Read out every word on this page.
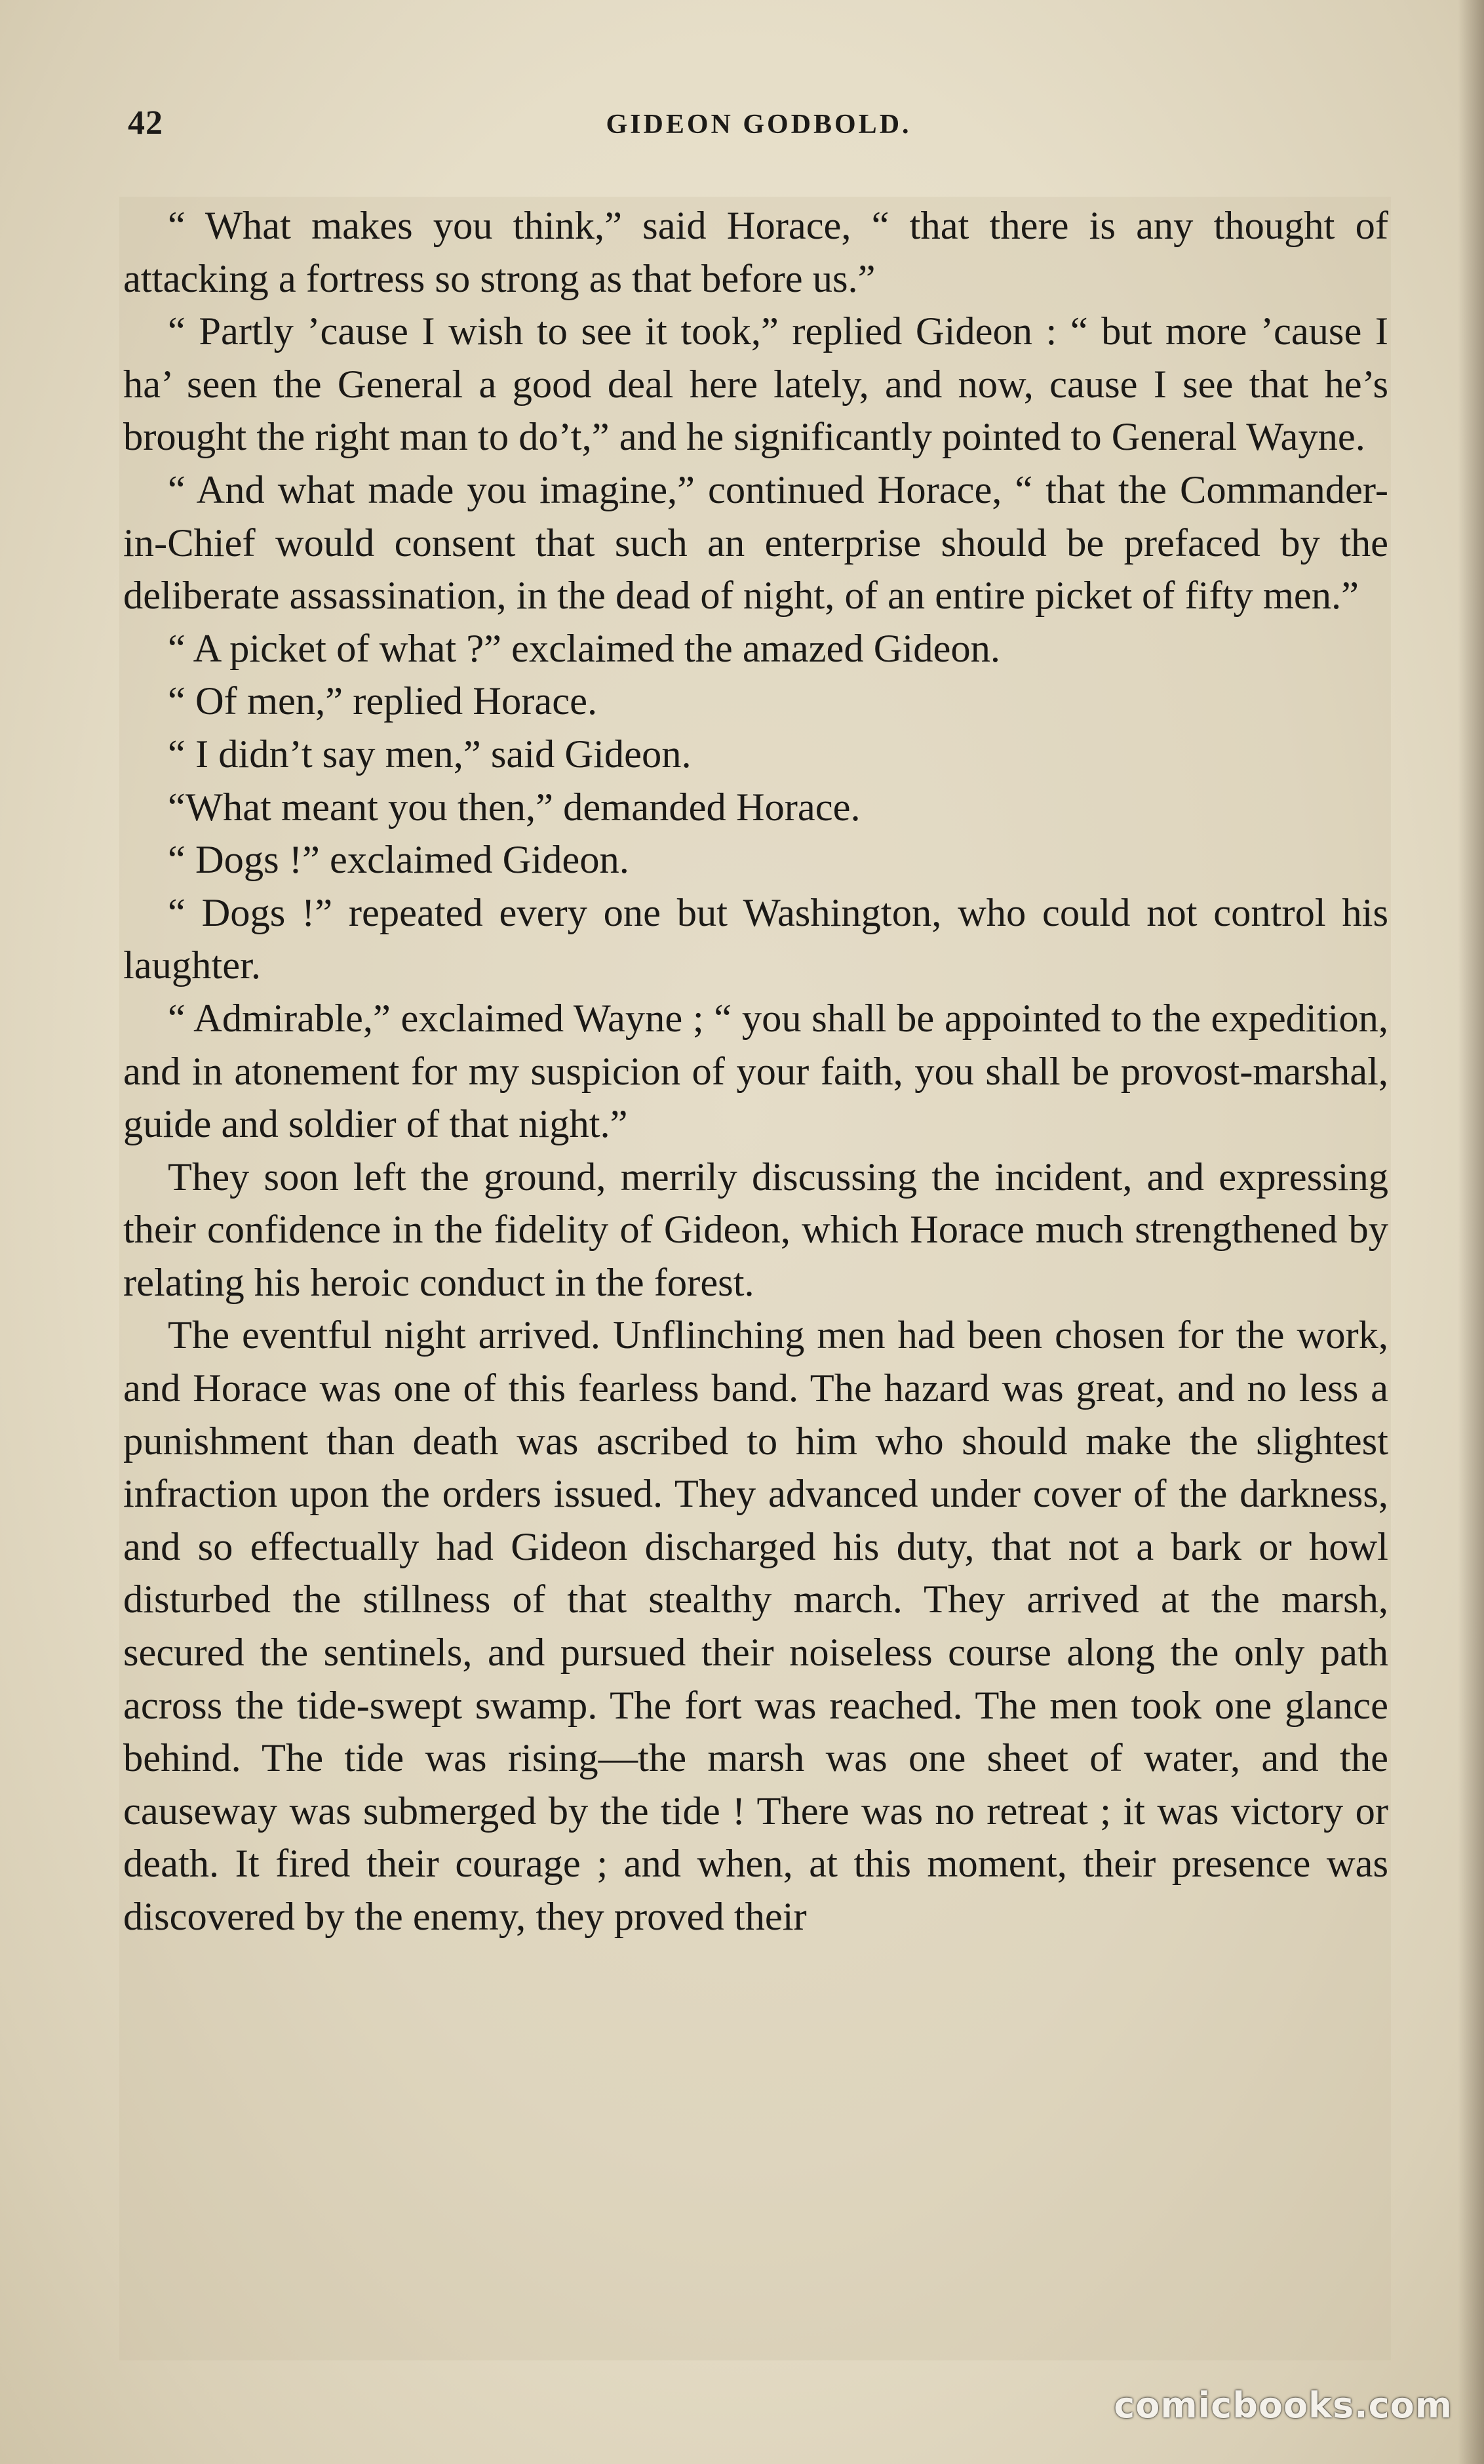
42	GIDEON GODBOLD.

“ What makes you think,” said Horace, “ that there is any thought of attacking a fortress so strong as that before us.”

“ Partly ’cause I wish to see it took,” replied Gideon : “ but more ’cause I ha’ seen the General a good deal here lately, and now, cause I see that he’s brought the right man to do’t,” and he significantly pointed to General Wayne.

“ And what made you imagine,” continued Horace, “ that the Commander-in-Chief would consent that such an enterprise should be prefaced by the deliberate assassination, in the dead of night, of an entire picket of fifty men.”

“ A picket of what ?” exclaimed the amazed Gideon.

“ Of men,” replied Horace.

“ I didn’t say men,” said Gideon.

“What meant you then,” demanded Horace.

“ Dogs !” exclaimed Gideon.

“ Dogs !” repeated every one but Washington, who could not control his laughter.

“ Admirable,” exclaimed Wayne ; “ you shall be appointed to the expedition, and in atonement for my suspicion of your faith, you shall be provost-marshal, guide and soldier of that night.”

They soon left the ground, merrily discussing the incident, and expressing their confidence in the fidelity of Gideon, which Horace much strengthened by relating his heroic conduct in the forest.

The eventful night arrived. Unflinching men had been chosen for the work, and Horace was one of this fearless band. The hazard was great, and no less a punishment than death was ascribed to him who should make the slightest infraction upon the orders issued. They advanced under cover of the darkness, and so effectually had Gideon discharged his duty, that not a bark or howl disturbed the stillness of that stealthy march. They arrived at the marsh, secured the sentinels, and pursued their noiseless course along the only path across the tide-swept swamp. The fort was reached. The men took one glance behind. The tide was rising—the marsh was one sheet of water, and the causeway was submerged by the tide ! There was no retreat ; it was victory or death. It fired their courage ; and when, at this moment, their presence was discovered by the enemy, they proved their

comicbooks.com
